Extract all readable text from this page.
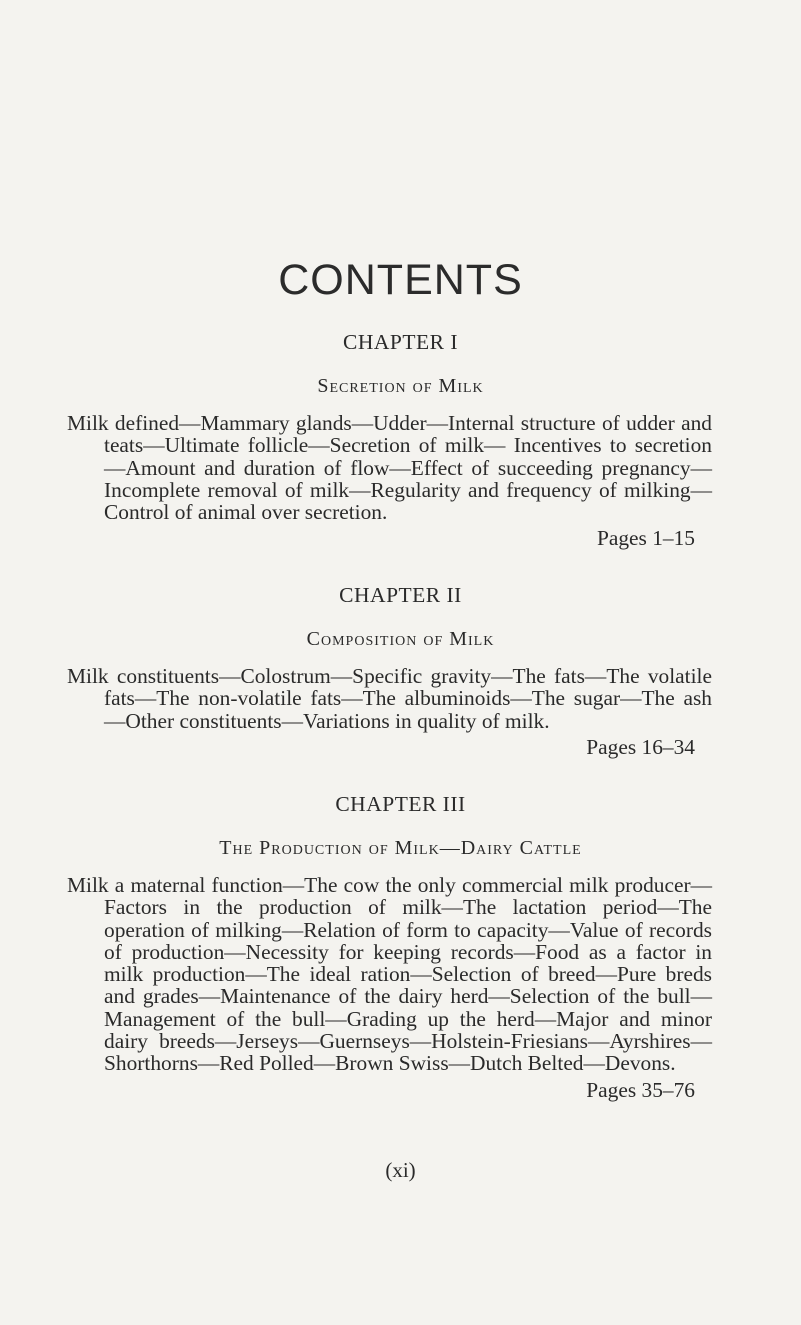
CONTENTS
CHAPTER I
Secretion of Milk

Milk defined—Mammary glands—Udder—Internal structure of udder and teats—Ultimate follicle—Secretion of milk— Incentives to secretion—Amount and duration of flow—Effect of succeeding pregnancy—Incomplete removal of milk—Regularity and frequency of milking—Control of animal over secretion.

Pages 1–15
CHAPTER II
Composition of Milk

Milk constituents—Colostrum—Specific gravity—The fats—The volatile fats—The non-volatile fats—The albuminoids—The sugar—The ash—Other constituents—Variations in quality of milk.

Pages 16–34
CHAPTER III
The Production of Milk—Dairy Cattle

Milk a maternal function—The cow the only commercial milk producer—Factors in the production of milk—The lactation period—The operation of milking—Relation of form to capacity—Value of records of production—Necessity for keeping records—Food as a factor in milk production—The ideal ration—Selection of breed—Pure breds and grades—Maintenance of the dairy herd—Selection of the bull—Management of the bull—Grading up the herd—Major and minor dairy breeds—Jerseys—Guernseys—Holstein-Friesians—Ayrshires—Shorthorns—Red Polled—Brown Swiss—Dutch Belted—Devons.

Pages 35–76
(xi)
